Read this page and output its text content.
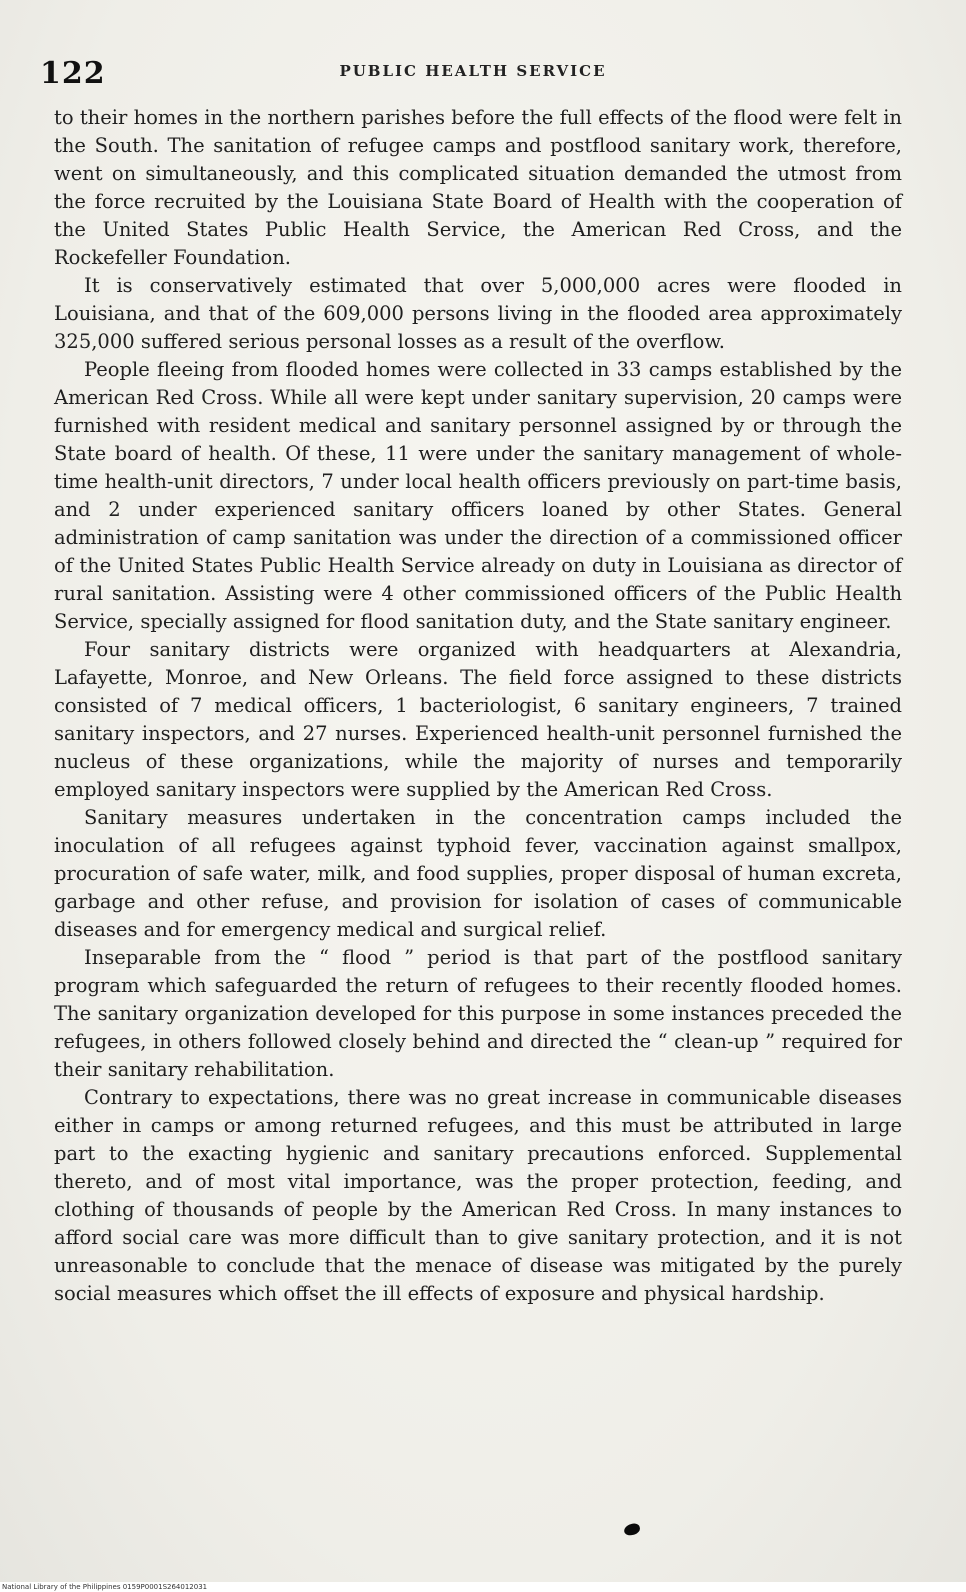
122	PUBLIC HEALTH SERVICE

to their homes in the northern parishes before the full effects of the flood were felt in the South. The sanitation of refugee camps and postflood sanitary work, therefore, went on simultaneously, and this complicated situation demanded the utmost from the force recruited by the Louisiana State Board of Health with the cooperation of the United States Public Health Service, the American Red Cross, and the Rockefeller Foundation.

It is conservatively estimated that over 5,000,000 acres were flooded in Louisiana, and that of the 609,000 persons living in the flooded area approximately 325,000 suffered serious personal losses as a result of the overflow.

People fleeing from flooded homes were collected in 33 camps established by the American Red Cross. While all were kept under sanitary supervision, 20 camps were furnished with resident medical and sanitary personnel assigned by or through the State board of health. Of these, 11 were under the sanitary management of whole-time health-unit directors, 7 under local health officers previously on part-time basis, and 2 under experienced sanitary officers loaned by other States. General administration of camp sanitation was under the direction of a commissioned officer of the United States Public Health Service already on duty in Louisiana as director of rural sanitation. Assisting were 4 other commissioned officers of the Public Health Service, specially assigned for flood sanitation duty, and the State sanitary engineer.

Four sanitary districts were organized with headquarters at Alexandria, Lafayette, Monroe, and New Orleans. The field force assigned to these districts consisted of 7 medical officers, 1 bacteriologist, 6 sanitary engineers, 7 trained sanitary inspectors, and 27 nurses. Experienced health-unit personnel furnished the nucleus of these organizations, while the majority of nurses and temporarily employed sanitary inspectors were supplied by the American Red Cross.

Sanitary measures undertaken in the concentration camps included the inoculation of all refugees against typhoid fever, vaccination against smallpox, procuration of safe water, milk, and food supplies, proper disposal of human excreta, garbage and other refuse, and provision for isolation of cases of communicable diseases and for emergency medical and surgical relief.

Inseparable from the “ flood ” period is that part of the postflood sanitary program which safeguarded the return of refugees to their recently flooded homes. The sanitary organization developed for this purpose in some instances preceded the refugees, in others followed closely behind and directed the “ clean-up ” required for their sanitary rehabilitation.

Contrary to expectations, there was no great increase in communicable diseases either in camps or among returned refugees, and this must be attributed in large part to the exacting hygienic and sanitary precautions enforced. Supplemental thereto, and of most vital importance, was the proper protection, feeding, and clothing of thousands of people by the American Red Cross. In many instances to afford social care was more difficult than to give sanitary protection, and it is not unreasonable to conclude that the menace of disease was mitigated by the purely social measures which offset the ill effects of exposure and physical hardship.

National Library of the Philippines 0159P0001S264012031
